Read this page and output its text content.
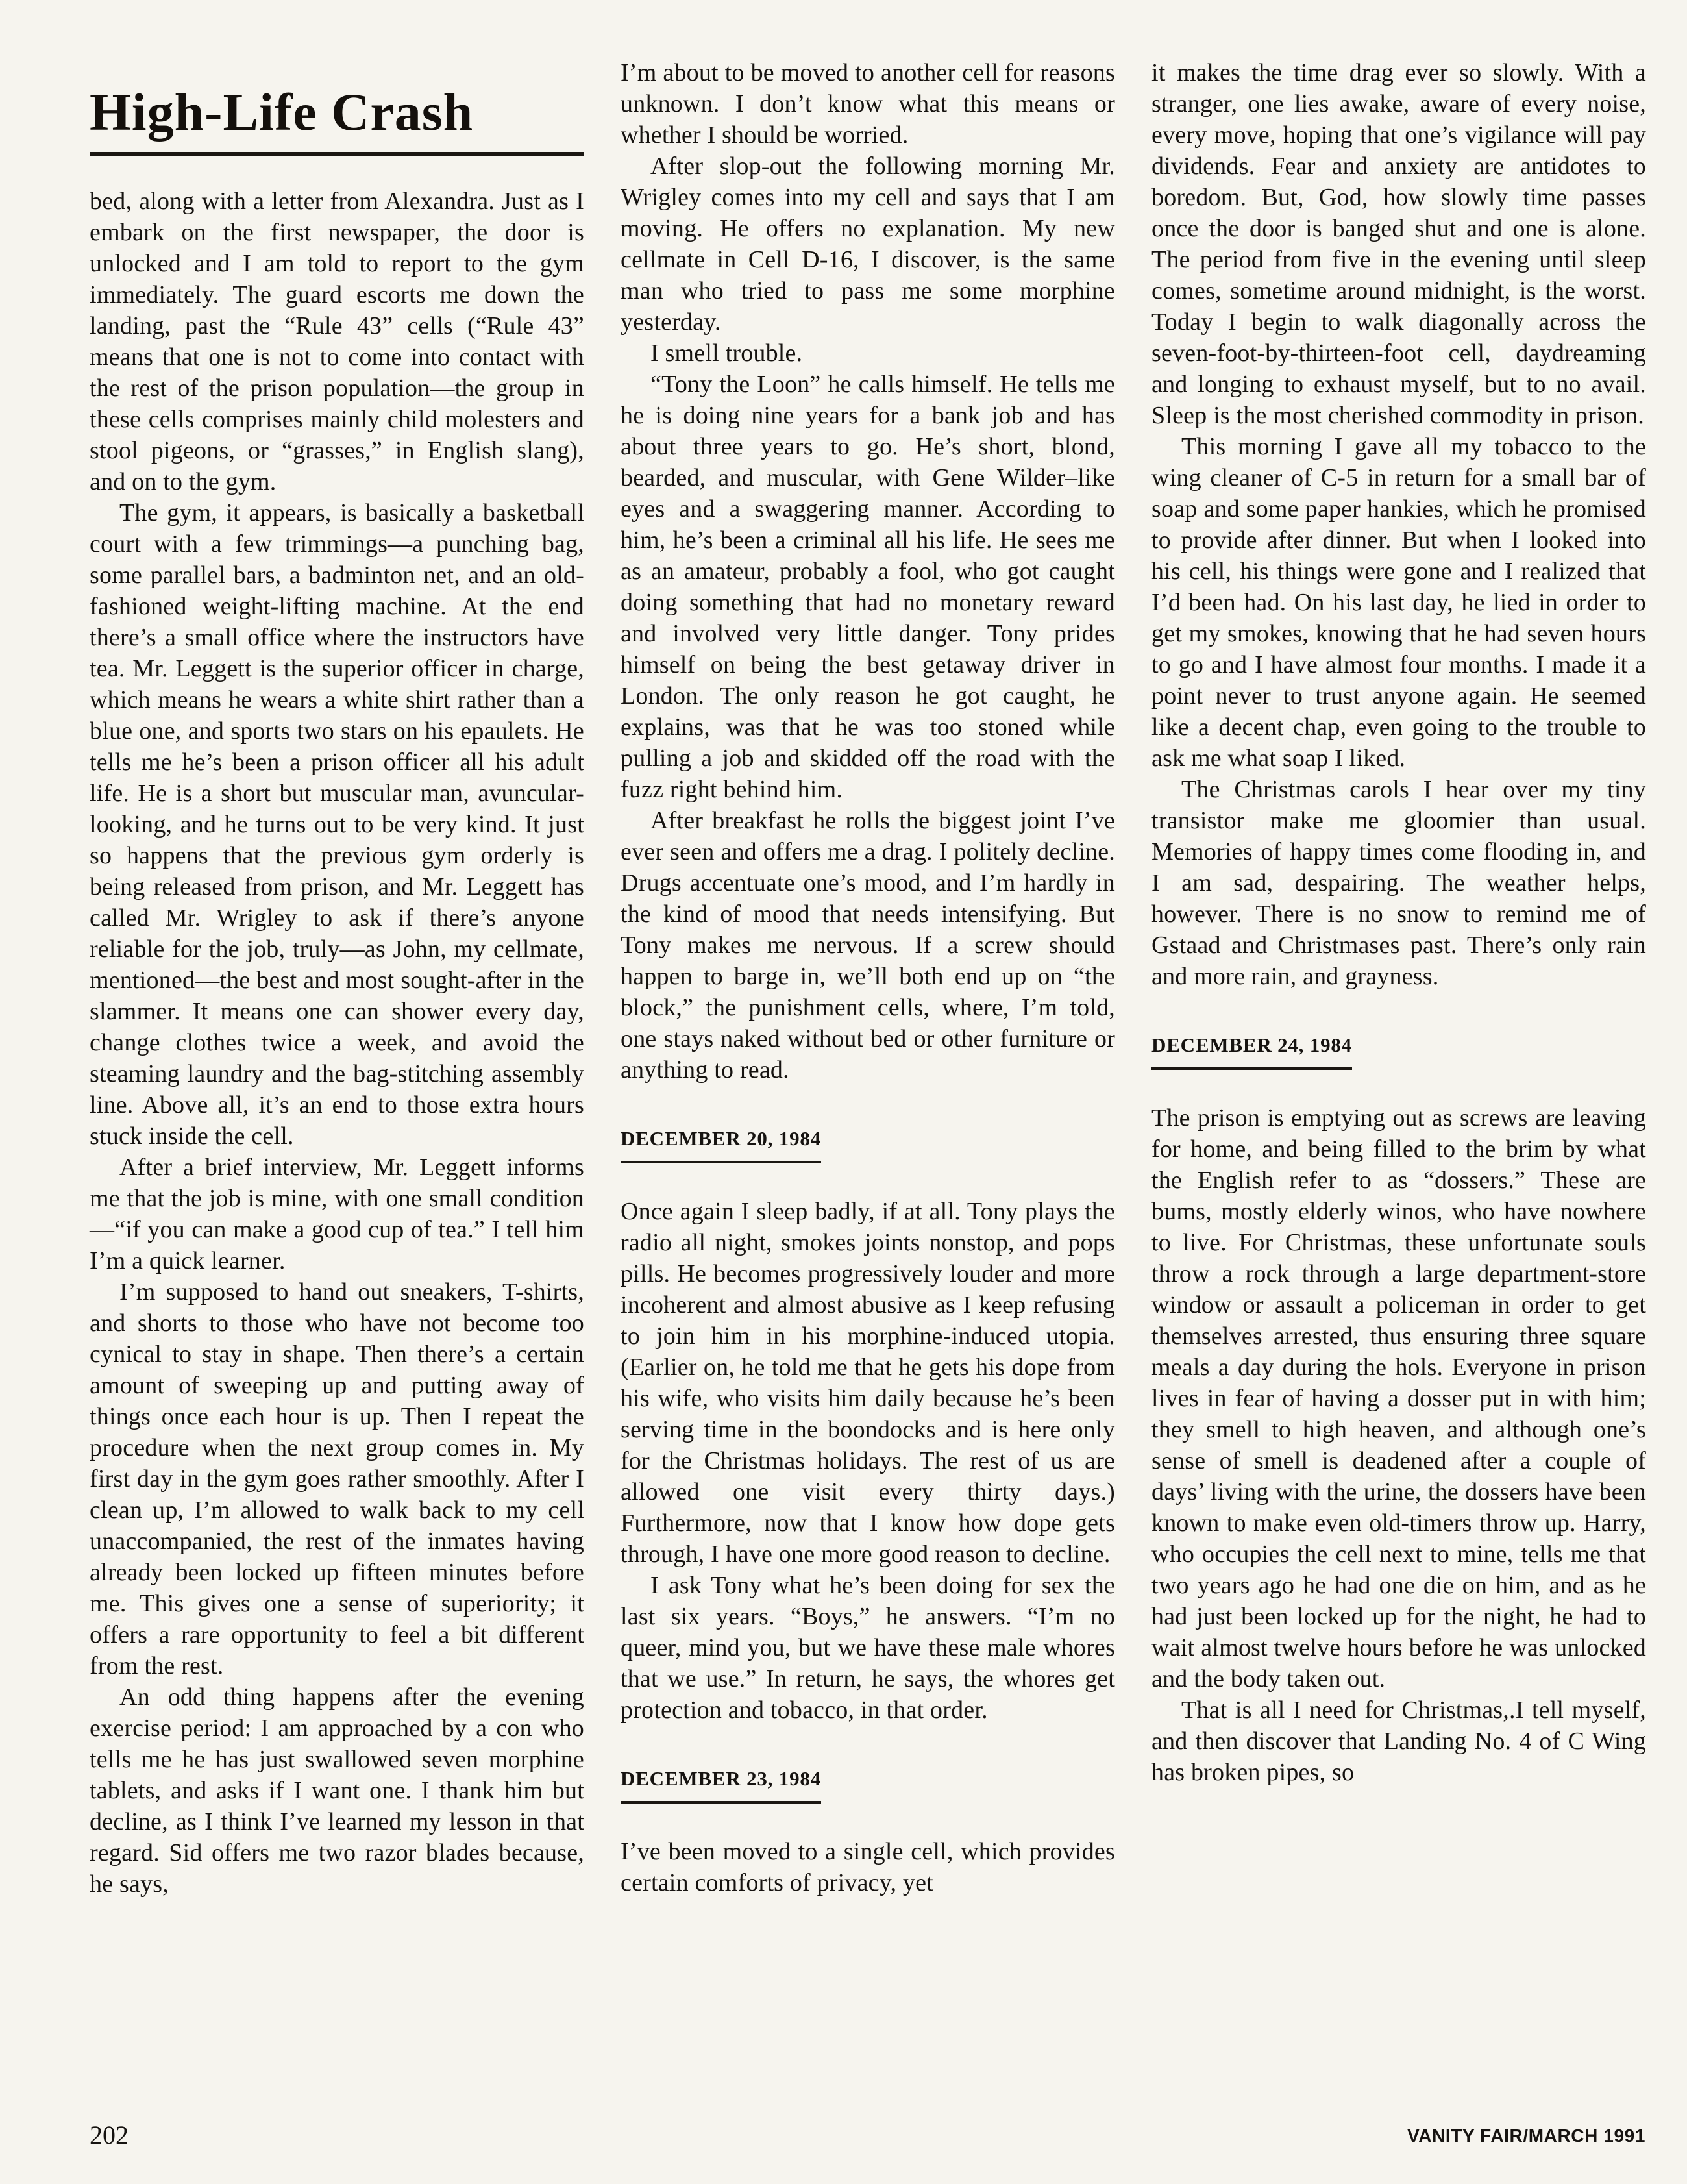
High-Life Crash

bed, along with a letter from Alexandra. Just as I embark on the first newspaper, the door is unlocked and I am told to report to the gym immediately. The guard escorts me down the landing, past the “Rule 43” cells (“Rule 43” means that one is not to come into contact with the rest of the prison population—the group in these cells comprises mainly child molesters and stool pigeons, or “grasses,” in English slang), and on to the gym.

The gym, it appears, is basically a basketball court with a few trimmings—a punching bag, some parallel bars, a badminton net, and an old-fashioned weight-lifting machine. At the end there’s a small office where the instructors have tea. Mr. Leggett is the superior officer in charge, which means he wears a white shirt rather than a blue one, and sports two stars on his epaulets. He tells me he’s been a prison officer all his adult life. He is a short but muscular man, avuncular-looking, and he turns out to be very kind. It just so happens that the previous gym orderly is being released from prison, and Mr. Leggett has called Mr. Wrigley to ask if there’s anyone reliable for the job, truly—as John, my cellmate, mentioned—the best and most sought-after in the slammer. It means one can shower every day, change clothes twice a week, and avoid the steaming laundry and the bag-stitching assembly line. Above all, it’s an end to those extra hours stuck inside the cell.

After a brief interview, Mr. Leggett informs me that the job is mine, with one small condition—“if you can make a good cup of tea.” I tell him I’m a quick learner.

I’m supposed to hand out sneakers, T-shirts, and shorts to those who have not become too cynical to stay in shape. Then there’s a certain amount of sweeping up and putting away of things once each hour is up. Then I repeat the procedure when the next group comes in. My first day in the gym goes rather smoothly. After I clean up, I’m allowed to walk back to my cell unaccompanied, the rest of the inmates having already been locked up fifteen minutes before me. This gives one a sense of superiority; it offers a rare opportunity to feel a bit different from the rest.

An odd thing happens after the evening exercise period: I am approached by a con who tells me he has just swallowed seven morphine tablets, and asks if I want one. I thank him but decline, as I think I’ve learned my lesson in that regard. Sid offers me two razor blades because, he says,

I’m about to be moved to another cell for reasons unknown. I don’t know what this means or whether I should be worried.

After slop-out the following morning Mr. Wrigley comes into my cell and says that I am moving. He offers no explanation. My new cellmate in Cell D-16, I discover, is the same man who tried to pass me some morphine yesterday.

I smell trouble.

“Tony the Loon” he calls himself. He tells me he is doing nine years for a bank job and has about three years to go. He’s short, blond, bearded, and muscular, with Gene Wilder–like eyes and a swaggering manner. According to him, he’s been a criminal all his life. He sees me as an amateur, probably a fool, who got caught doing something that had no monetary reward and involved very little danger. Tony prides himself on being the best getaway driver in London. The only reason he got caught, he explains, was that he was too stoned while pulling a job and skidded off the road with the fuzz right behind him.

After breakfast he rolls the biggest joint I’ve ever seen and offers me a drag. I politely decline. Drugs accentuate one’s mood, and I’m hardly in the kind of mood that needs intensifying. But Tony makes me nervous. If a screw should happen to barge in, we’ll both end up on “the block,” the punishment cells, where, I’m told, one stays naked without bed or other furniture or anything to read.

DECEMBER 20, 1984

Once again I sleep badly, if at all. Tony plays the radio all night, smokes joints nonstop, and pops pills. He becomes progressively louder and more incoherent and almost abusive as I keep refusing to join him in his morphine-induced utopia. (Earlier on, he told me that he gets his dope from his wife, who visits him daily because he’s been serving time in the boondocks and is here only for the Christmas holidays. The rest of us are allowed one visit every thirty days.) Furthermore, now that I know how dope gets through, I have one more good reason to decline.

I ask Tony what he’s been doing for sex the last six years. “Boys,” he answers. “I’m no queer, mind you, but we have these male whores that we use.” In return, he says, the whores get protection and tobacco, in that order.

DECEMBER 23, 1984

I’ve been moved to a single cell, which provides certain comforts of privacy, yet

it makes the time drag ever so slowly. With a stranger, one lies awake, aware of every noise, every move, hoping that one’s vigilance will pay dividends. Fear and anxiety are antidotes to boredom. But, God, how slowly time passes once the door is banged shut and one is alone. The period from five in the evening until sleep comes, sometime around midnight, is the worst. Today I begin to walk diagonally across the seven-foot-by-thirteen-foot cell, daydreaming and longing to exhaust myself, but to no avail. Sleep is the most cherished commodity in prison.

This morning I gave all my tobacco to the wing cleaner of C-5 in return for a small bar of soap and some paper hankies, which he promised to provide after dinner. But when I looked into his cell, his things were gone and I realized that I’d been had. On his last day, he lied in order to get my smokes, knowing that he had seven hours to go and I have almost four months. I made it a point never to trust anyone again. He seemed like a decent chap, even going to the trouble to ask me what soap I liked.

The Christmas carols I hear over my tiny transistor make me gloomier than usual. Memories of happy times come flooding in, and I am sad, despairing. The weather helps, however. There is no snow to remind me of Gstaad and Christmases past. There’s only rain and more rain, and grayness.

DECEMBER 24, 1984

The prison is emptying out as screws are leaving for home, and being filled to the brim by what the English refer to as “dossers.” These are bums, mostly elderly winos, who have nowhere to live. For Christmas, these unfortunate souls throw a rock through a large department-store window or assault a policeman in order to get themselves arrested, thus ensuring three square meals a day during the hols. Everyone in prison lives in fear of having a dosser put in with him; they smell to high heaven, and although one’s sense of smell is deadened after a couple of days’ living with the urine, the dossers have been known to make even old-timers throw up. Harry, who occupies the cell next to mine, tells me that two years ago he had one die on him, and as he had just been locked up for the night, he had to wait almost twelve hours before he was unlocked and the body taken out.

That is all I need for Christmas,.I tell myself, and then discover that Landing No. 4 of C Wing has broken pipes, so

202	VANITY FAIR/MARCH 1991
